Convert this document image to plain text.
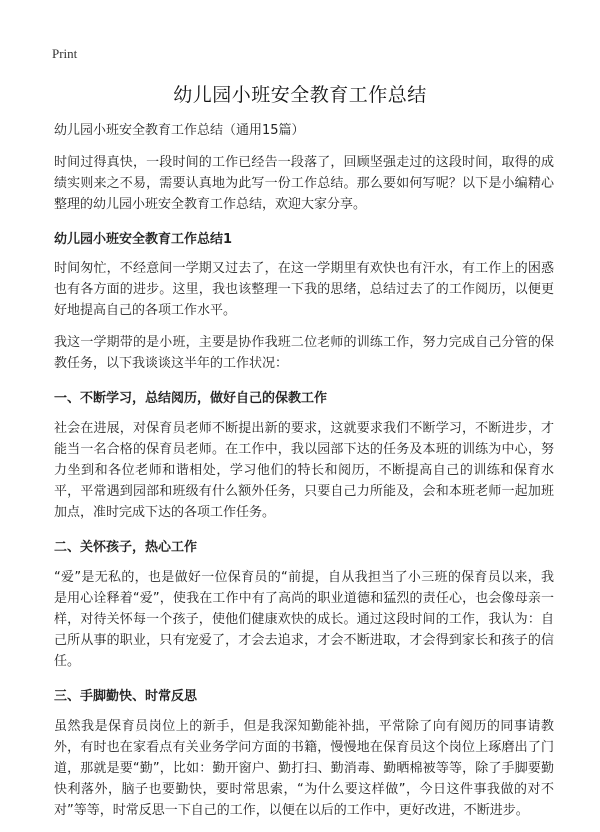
Print
幼儿园小班安全教育工作总结

幼儿园小班安全教育工作总结（通用15篇）

时间过得真快，一段时间的工作已经告一段落了，回顾坚强走过的这段时间，取得的成绩实则来之不易，需要认真地为此写一份工作总结。那么要如何写呢？以下是小编精心整理的幼儿园小班安全教育工作总结，欢迎大家分享。

幼儿园小班安全教育工作总结1

时间匆忙，不经意间一学期又过去了，在这一学期里有欢快也有汗水，有工作上的困惑也有各方面的进步。这里，我也该整理一下我的思绪，总结过去了的工作阅历，以便更好地提高自己的各项工作水平。

我这一学期带的是小班，主要是协作我班二位老师的训练工作，努力完成自己分管的保教任务，以下我谈谈这半年的工作状况：

一、不断学习，总结阅历，做好自己的保教工作

社会在进展，对保育员老师不断提出新的要求，这就要求我们不断学习，不断进步，才能当一名合格的保育员老师。在工作中，我以园部下达的任务及本班的训练为中心，努力坐到和各位老师和谐相处，学习他们的特长和阅历，不断提高自己的训练和保育水平，平常遇到园部和班级有什么额外任务，只要自己力所能及，会和本班老师一起加班加点，准时完成下达的各项工作任务。

二、关怀孩子，热心工作

“爱”是无私的，也是做好一位保育员的“前提，自从我担当了小三班的保育员以来，我是用心诠释着“爱”，使我在工作中有了高尚的职业道德和猛烈的责任心，也会像母亲一样，对待关怀每一个孩子，使他们健康欢快的成长。通过这段时间的工作，我认为：自己所从事的职业，只有宠爱了，才会去追求，才会不断进取，才会得到家长和孩子的信任。

三、手脚勤快、时常反思

虽然我是保育员岗位上的新手，但是我深知勤能补拙，平常除了向有阅历的同事请教外，有时也在家看点有关业务学问方面的书籍，慢慢地在保育员这个岗位上琢磨出了门道，那就是要“勤”，比如：勤开窗户、勤打扫、勤消毒、勤晒棉被等等，除了手脚要勤快利落外，脑子也要勤快，要时常思索，“为什么要这样做”，今日这件事我做的对不对”等等，时常反思一下自己的工作，以便在以后的工作中，更好改进，不断进步。
